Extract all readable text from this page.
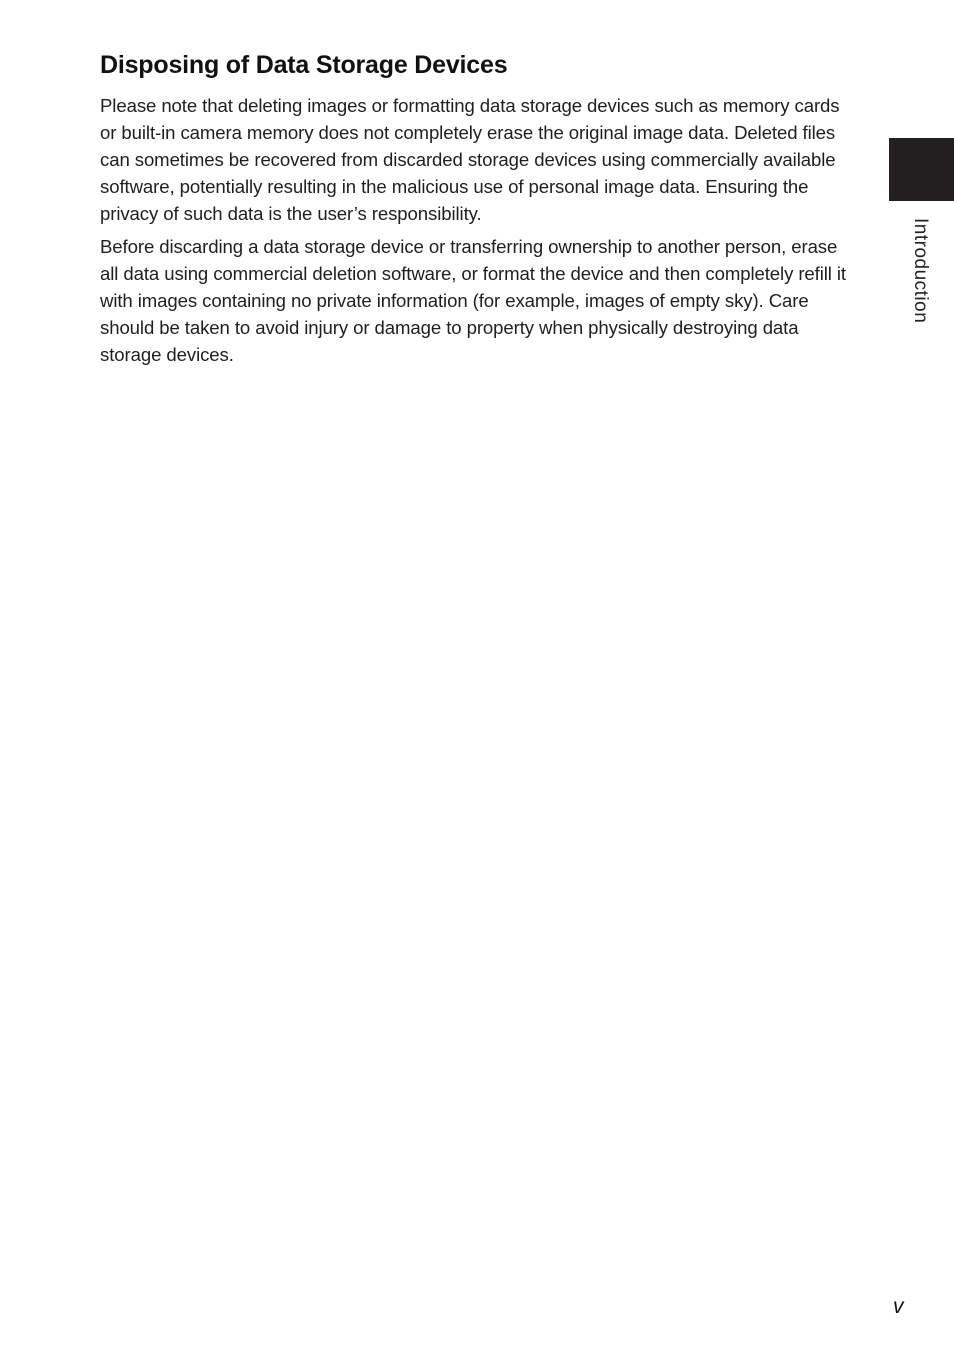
Disposing of Data Storage Devices

Please note that deleting images or formatting data storage devices such as memory cards or built-in camera memory does not completely erase the original image data. Deleted files can sometimes be recovered from discarded storage devices using commercially available software, potentially resulting in the malicious use of personal image data. Ensuring the privacy of such data is the user’s responsibility.

Before discarding a data storage device or transferring ownership to another person, erase all data using commercial deletion software, or format the device and then completely refill it with images containing no private information (for example, images of empty sky). Care should be taken to avoid injury or damage to property when physically destroying data storage devices.

Introduction
v
